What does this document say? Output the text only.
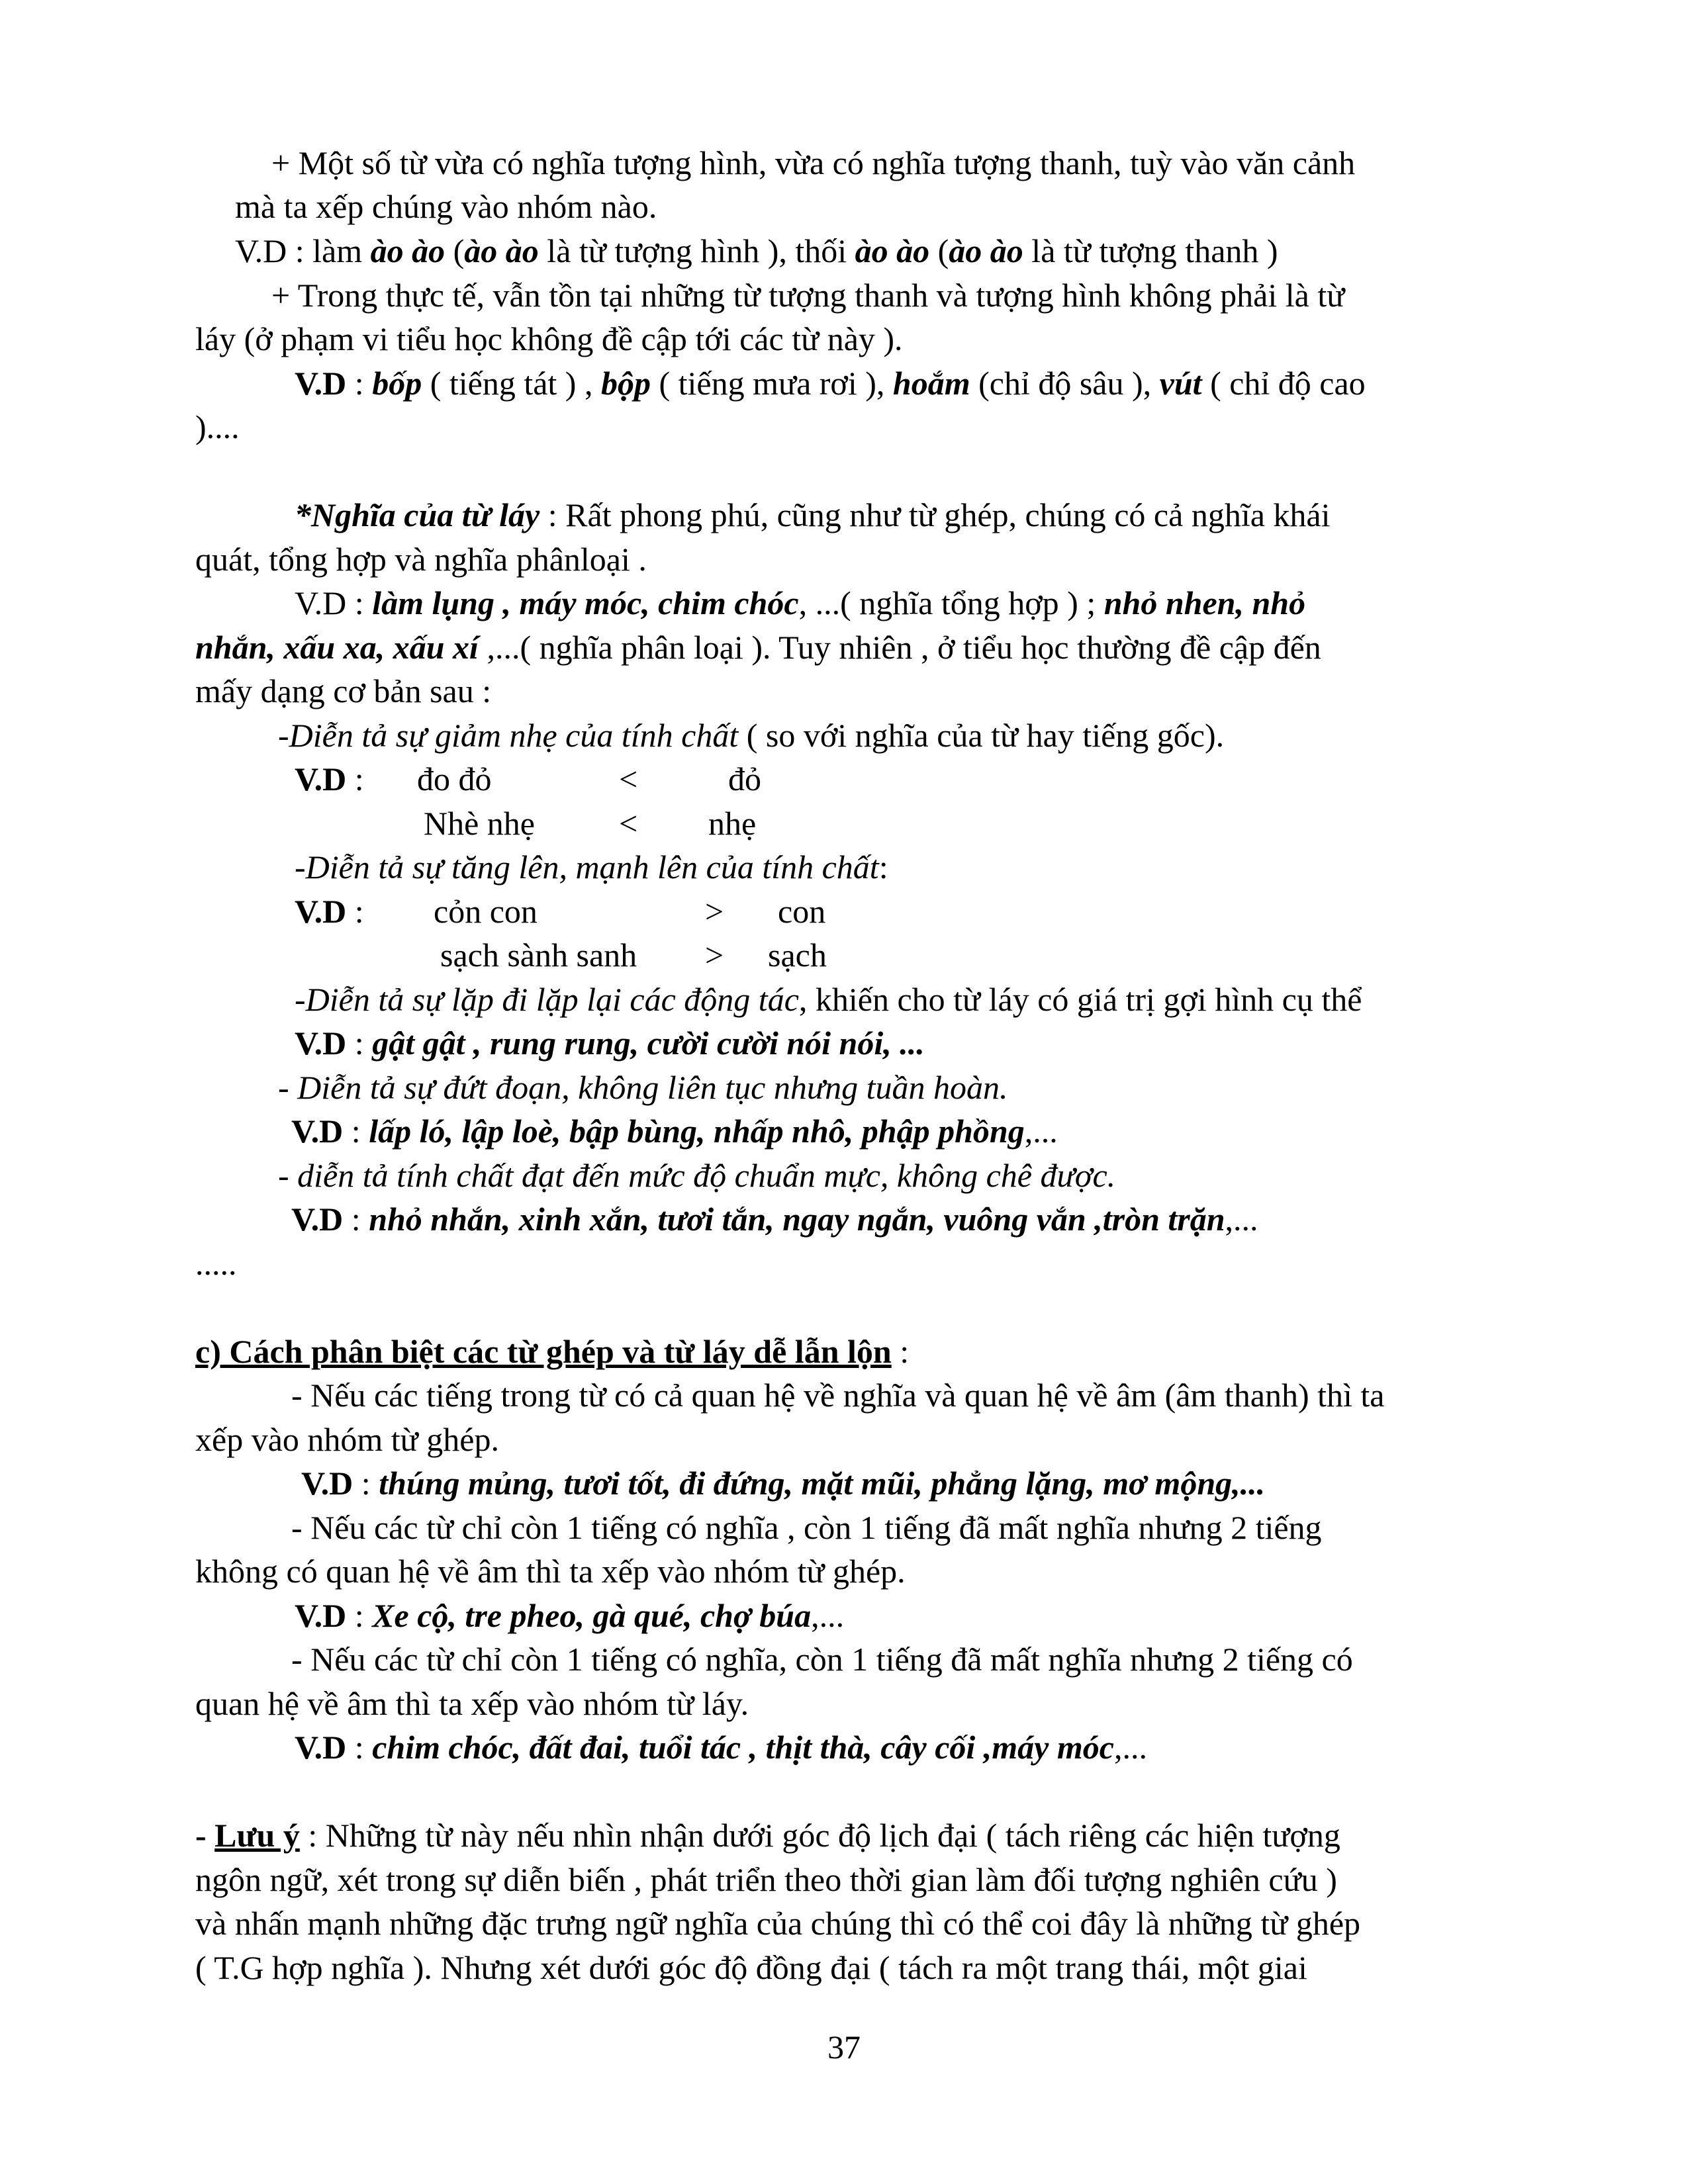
+ Một số từ vừa có nghĩa tượng hình, vừa có nghĩa tượng thanh, tuỳ vào văn cảnh
mà ta xếp chúng vào nhóm nào.
V.D : làm ào ào (ào ào là từ tượng hình ), thối ào ào (ào ào là từ tượng thanh )
+ Trong thực tế, vẫn tồn tại những từ tượng thanh và tượng hình không phải là từ
láy (ở phạm vi tiểu học không đề cập tới các từ này ).
V.D : bốp ( tiếng tát ) , bộp ( tiếng mưa rơi ), hoắm (chỉ độ sâu ), vút ( chỉ độ cao
)....
*Nghĩa của từ láy : Rất phong phú, cũng như từ ghép, chúng có cả nghĩa khái
quát, tổng hợp và nghĩa phânloại .
V.D : làm lụng , máy móc, chim chóc, ...( nghĩa tổng hợp ) ; nhỏ nhen, nhỏ
nhắn, xấu xa, xấu xí ,...( nghĩa phân loại ). Tuy nhiên , ở tiểu học thường đề cập đến
mấy dạng cơ bản sau :
-Diễn tả sự giảm nhẹ của tính chất ( so với nghĩa của từ hay tiếng gốc).
V.D : đo đỏ	<	đỏ
Nhè nhẹ	< nhẹ
-Diễn tả sự tăng lên, mạnh lên của tính chất:
V.D : cỏn con	> con
sạch sành sanh > sạch
-Diễn tả sự lặp đi lặp lại các động tác, khiến cho từ láy có giá trị gợi hình cụ thể
V.D : gật gật , rung rung, cười cười nói nói, ...
- Diễn tả sự đứt đoạn, không liên tục nhưng tuần hoàn.
V.D : lấp ló, lập loè, bập bùng, nhấp nhô, phập phồng,...
- diễn tả tính chất đạt đến mức độ chuẩn mực, không chê được.
V.D : nhỏ nhắn, xinh xắn, tươi tắn, ngay ngắn, vuông vắn ,tròn trặn,...
.....
c) Cách phân biệt các từ ghép và từ láy dễ lẫn lộn :
- Nếu các tiếng trong từ có cả quan hệ về nghĩa và quan hệ về âm (âm thanh) thì ta
xếp vào nhóm từ ghép.
V.D : thúng mủng, tươi tốt, đi đứng, mặt mũi, phẳng lặng, mơ mộng,...
- Nếu các từ chỉ còn 1 tiếng có nghĩa , còn 1 tiếng đã mất nghĩa nhưng 2 tiếng
không có quan hệ về âm thì ta xếp vào nhóm từ ghép.
V.D : Xe cộ, tre pheo, gà qué, chợ búa,...
- Nếu các từ chỉ còn 1 tiếng có nghĩa, còn 1 tiếng đã mất nghĩa nhưng 2 tiếng có
quan hệ về âm thì ta xếp vào nhóm từ láy.
V.D : chim chóc, đất đai, tuổi tác , thịt thà, cây cối ,máy móc,...
- Lưu ý : Những từ này nếu nhìn nhận dưới góc độ lịch đại ( tách riêng các hiện tượng
ngôn ngữ, xét trong sự diễn biến , phát triển theo thời gian làm đối tượng nghiên cứu )
và nhấn mạnh những đặc trưng ngữ nghĩa của chúng thì có thể coi đây là những từ ghép
( T.G hợp nghĩa ). Nhưng xét dưới góc độ đồng đại ( tách ra một trang thái, một giai
37
